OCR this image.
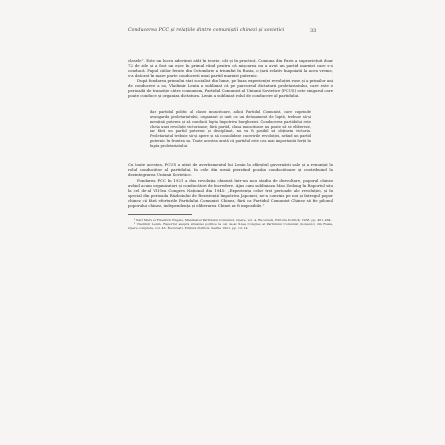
Conducerea PCC și relațiile dintre comuniștii chinezi și sovietici	33

clasele”. Este un lucru adevărat atât în teorie, cât și în practică. Comuna din Paris a supraviețuit doar 72 de zile și a fost un eșec în primul rând pentru că mișcarea nu a avut un partid marxist care s-o conducă. Papul căilor ferate din Octombrie a triumfat în Rusia, o țară relativ înapoiată la acea vreme, s-a datorat în mare parte conducerii unui partid marxist puternic.

După fondarea primului stat socialist din lume, pe baza experienței revoluției ruse și a primilor ani de conducere a sa, Vladimir Lenin a subliniat că pe parcursul dictaturii proletariatului, care este o perioadă de tranziție către comunism, Partidul Comunist al Uniunii Sovietice (PCUS) este singurul care poate conduce și organiza dictatura. Lenin a subliniat rolul de conducere al partidului.

dar partidul politic al clasei muncitoare, adică Partidul Comunist, care cuprinde avangarda proletariatului, organizat și unit ca un detașament de luptă, trebuie să-și mențină puterea și să conducă lupta împotriva burgheziei. Conducerea partidului este cheia unei revoluții victorioase; fără partid, clasa muncitoare nu poate să se elibereze, iar fără un partid puternic și disciplinat, nu va fi posibil să obținem victoria. Proletariatul trebuie să-și apere și să consolideze cuceririle revoluției, având un partid puternic în fruntea sa. Toate acestea arată că partidul este cea mai importantă forță în lupta proletariatului.

Cu toate acestea, PCUS a uitat de avertismentul lui Lenin la sfârșitul guvernării sale și a renunțat la rolul conducător al partidului, în cele din urmă pierzând poziția conducătoare și contribuind la dezintegrarea Uniunii Sovietice.

Fondarea PCC în 1921 a dus revoluția chineză într-un nou stadiu de dezvoltare, poporul chinez având acum organizatori și conducători de încredere. Ajns cum subliniaza Mao Zedong în Raportul său la cel de-al VII-lea Congres Național din 1945: „Experiența celor trei perioade ale revoluției, și în special din perioada Războiului de Rezistență împotriva Japoniei, ne-a convins pe noi și întregul popor chinez că fără eforturile Partidului Comunist Chinez, fără ca Partidul Comunist Chinez să fie pilonul poporului chinez, independența și eliberarea Chinei ar fi imposibile.”

¹ Karl Marx și Friedrich Engels, Manifestul Partidului Comunist, Opere, vol. 4, București, Editura Politică, 1958, pp. 461–464.

² Vladimir Lenin, Raportul asupra situației politice la cel de-al X-lea Congres al Partidului Comunist (bolșevic) din Rusia, Opere complete, vol. 43, București, Editura Politică, martie 1921, pp. 12–14.
